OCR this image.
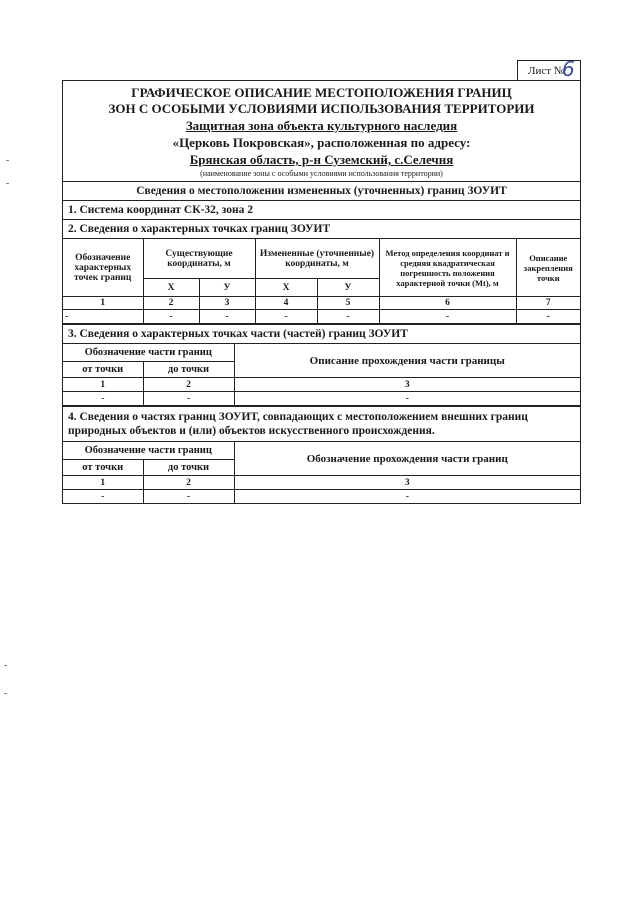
Лист №
6
ГРАФИЧЕСКОЕ ОПИСАНИЕ МЕСТОПОЛОЖЕНИЯ ГРАНИЦ
ЗОН С ОСОБЫМИ УСЛОВИЯМИ ИСПОЛЬЗОВАНИЯ ТЕРРИТОРИИ
Защитная зона объекта культурного наследия
«Церковь Покровская», расположенная по адресу:
Брянская область, р-н Суземский, с.Селечня
(наименование зоны с особыми условиями использования территории)
Сведения о местоположении измененных (уточненных) границ ЗОУИТ
1. Система координат СК-32, зона 2
2. Сведения о характерных точках границ ЗОУИТ
Обозначение характерных точек границ	Существующие координаты, м		Измененные (уточненные) координаты, м		Метод определения координат и средняя квадратическая погрешность положения характерной точки (Мt), м	Описание закрепления точки
	Х	У	Х	У		
1	2	3	4	5	6	7
-	-	-	-	-	-	-
3. Сведения о характерных точках части (частей) границ ЗОУИТ
Обозначение части границ		Описание прохождения части границы
от точки	до точки	
1	2	3
-	-	-
4. Сведения о частях границ ЗОУИТ, совпадающих с местоположением внешних границ
природных объектов и (или) объектов искусственного происхождения.
Обозначение части границ		Обозначение прохождения части границ
от точки	до точки	
1	2	3
-	-	-
